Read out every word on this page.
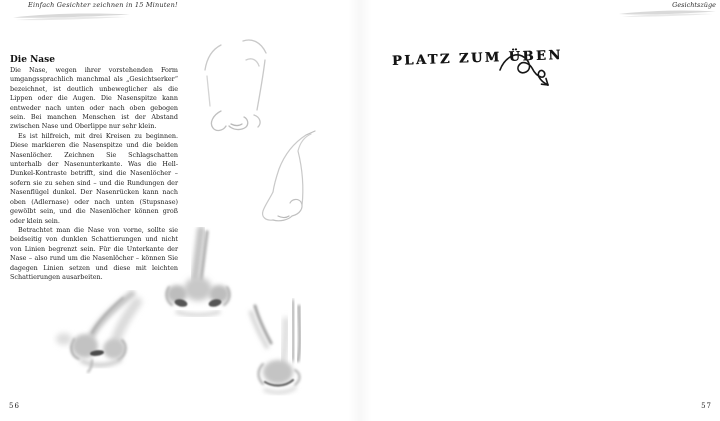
Einfach Gesichter zeichnen in 15 Minuten!	Gesichtszüge
Die Nase

Die Nase, wegen ihrer vorstehenden Form umgangssprachlich manchmal als „Gesichtserker“ bezeichnet, ist deutlich unbeweglicher als die Lippen oder die Augen. Die Nasenspitze kann entweder nach unten oder nach oben gebogen sein. Bei manchen Menschen ist der Abstand zwischen Nase und Oberlippe nur sehr klein.

Es ist hilfreich, mit drei Kreisen zu beginnen. Diese markieren die Nasenspitze und die beiden Nasenlöcher. Zeichnen Sie Schlagschatten unterhalb der Nasenunterkante. Was die Hell-Dunkel-Kontraste betrifft, sind die Nasenlöcher – sofern sie zu sehen sind – und die Rundungen der Nasenflügel dunkel. Der Nasenrücken kann nach oben (Adlernase) oder nach unten (Stupsnase) gewölbt sein, und die Nasenlöcher können groß oder klein sein.

Betrachtet man die Nase von vorne, sollte sie beidseitig von dunklen Schattierungen und nicht von Linien begrenzt sein. Für die Unterkante der Nase – also rund um die Nasenlöcher – können Sie dagegen Linien setzen und diese mit leichten Schattierungen ausarbeiten.

PLATZ ZUM ÜBEN
56	57
